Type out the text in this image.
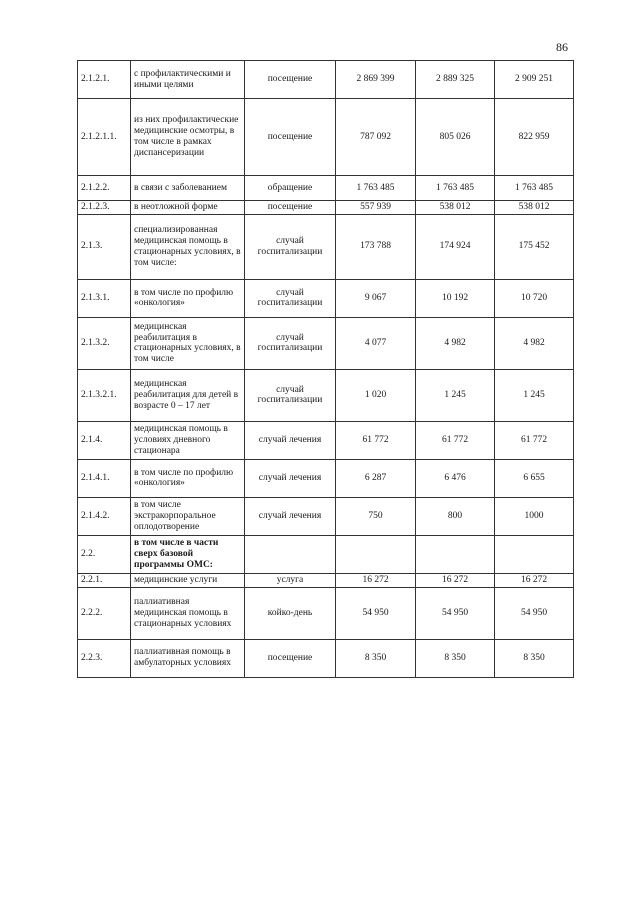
86
2.1.2.1.	с профилактическими и иными целями	посещение	2 869 399	2 889 325	2 909 251
2.1.2.1.1.	из них профилактические медицинские осмотры, в том числе в рамках диспансеризации	посещение	787 092	805 026	822 959
2.1.2.2.	в связи с заболеванием	обращение	1 763 485	1 763 485	1 763 485
2.1.2.3.	в неотложной форме	посещение	557 939	538 012	538 012
2.1.3.	специализированная медицинская помощь в стационарных условиях, в том числе:	случай госпитализации	173 788	174 924	175 452
2.1.3.1.	в том числе по профилю «онкология»	случай госпитализации	9 067	10 192	10 720
2.1.3.2.	медицинская реабилитация в стационарных условиях, в том числе	случай госпитализации	4 077	4 982	4 982
2.1.3.2.1.	медицинская реабилитация для детей в возрасте 0 – 17 лет	случай госпитализации	1 020	1 245	1 245
2.1.4.	медицинская помощь в условиях дневного стационара	случай лечения	61 772	61 772	61 772
2.1.4.1.	в том числе по профилю «онкология»	случай лечения	6 287	6 476	6 655
2.1.4.2.	в том числе экстракорпоральное оплодотворение	случай лечения	750	800	1000
2.2.	в том числе в части сверх базовой программы ОМС:				
2.2.1.	медицинские услуги	услуга	16 272	16 272	16 272
2.2.2.	паллиативная медицинская помощь в стационарных условиях	койко-день	54 950	54 950	54 950
2.2.3.	паллиативная помощь в амбулаторных условиях	посещение	8 350	8 350	8 350
